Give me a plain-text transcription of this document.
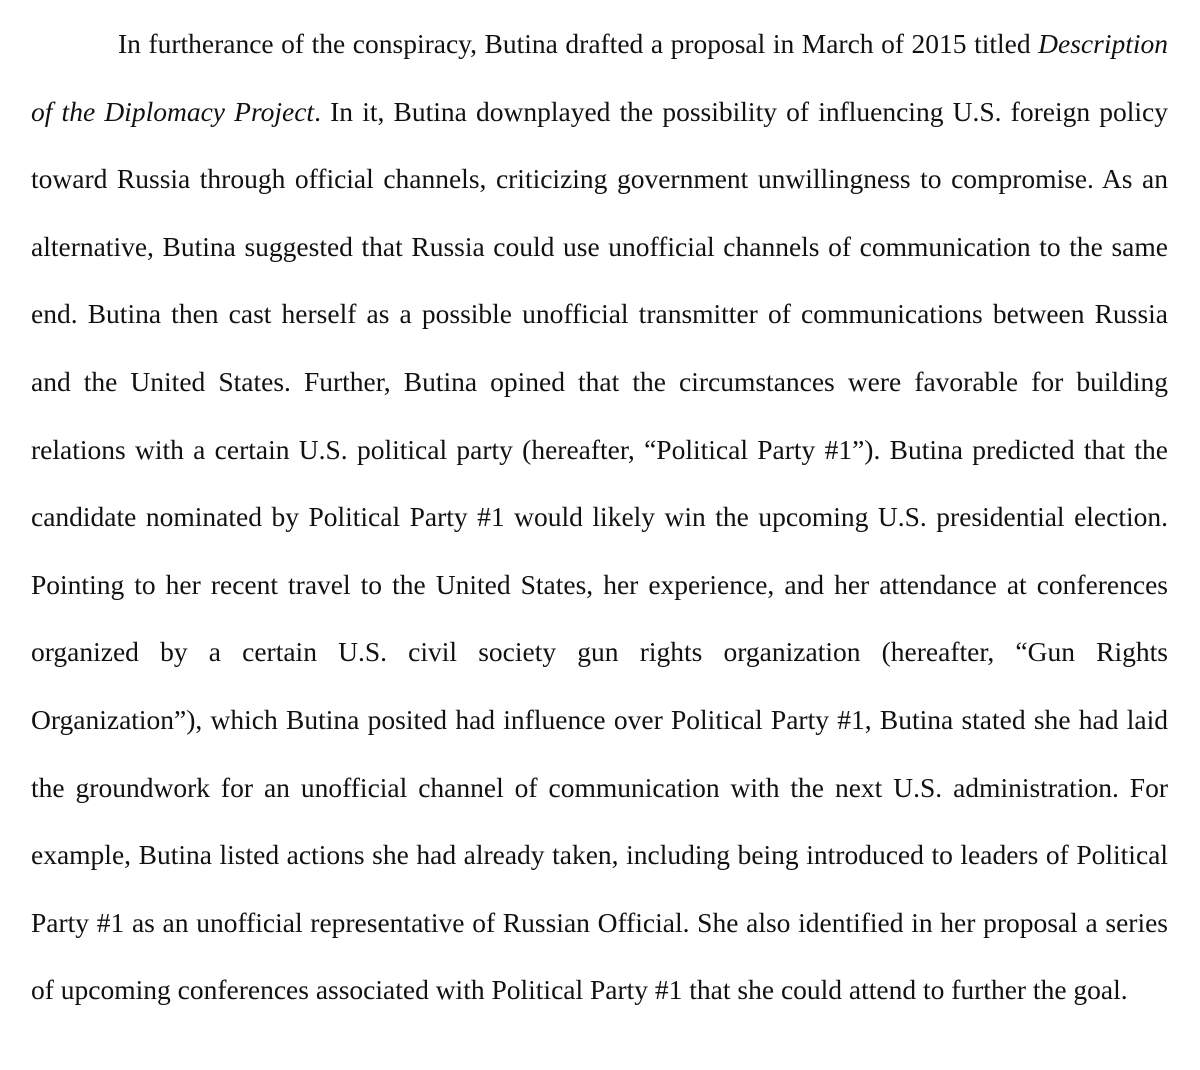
In furtherance of the conspiracy, Butina drafted a proposal in March of 2015 titled Description of the Diplomacy Project. In it, Butina downplayed the possibility of influencing U.S. foreign policy toward Russia through official channels, criticizing government unwillingness to compromise. As an alternative, Butina suggested that Russia could use unofficial channels of communication to the same end. Butina then cast herself as a possible unofficial transmitter of communications between Russia and the United States. Further, Butina opined that the circumstances were favorable for building relations with a certain U.S. political party (hereafter, “Political Party #1”). Butina predicted that the candidate nominated by Political Party #1 would likely win the upcoming U.S. presidential election. Pointing to her recent travel to the United States, her experience, and her attendance at conferences organized by a certain U.S. civil society gun rights organization (hereafter, “Gun Rights Organization”), which Butina posited had influence over Political Party #1, Butina stated she had laid the groundwork for an unofficial channel of communication with the next U.S. administration. For example, Butina listed actions she had already taken, including being introduced to leaders of Political Party #1 as an unofficial representative of Russian Official. She also identified in her proposal a series of upcoming conferences associated with Political Party #1 that she could attend to further the goal.
